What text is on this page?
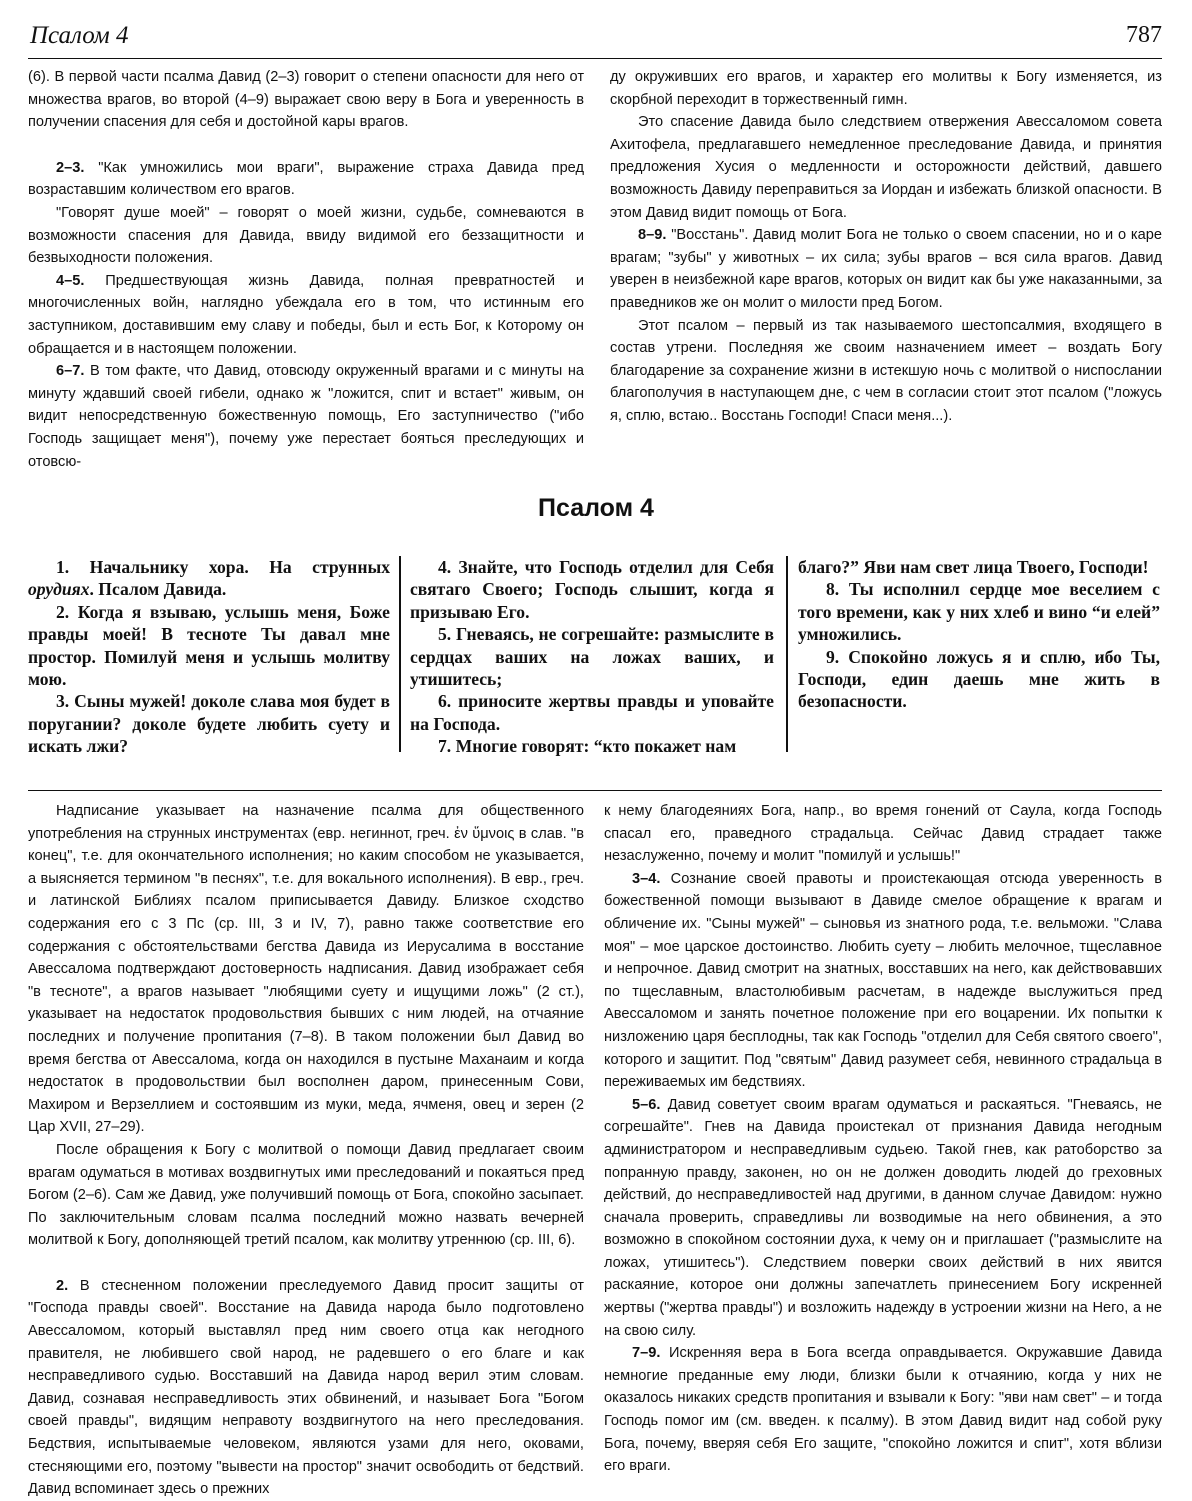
Псалом 4	787

(6). В первой части псалма Давид (2–3) говорит о степени опасности для него от множества врагов, во второй (4–9) выражает свою веру в Бога и уверенность в получении спасения для себя и достойной кары врагов.

2–3. "Как умножились мои враги", выражение страха Давида пред возраставшим количеством его врагов.

"Говорят душе моей" – говорят о моей жизни, судьбе, сомневаются в возможности спасения для Давида, ввиду видимой его беззащитности и безвыходности положения.

4–5. Предшествующая жизнь Давида, полная превратностей и многочисленных войн, наглядно убеждала его в том, что истинным его заступником, доставившим ему славу и победы, был и есть Бог, к Которому он обращается и в настоящем положении.

6–7. В том факте, что Давид, отовсюду окруженный врагами и с минуты на минуту ждавший своей гибели, однако ж "ложится, спит и встает" живым, он видит непосредственную божественную помощь, Его заступничество ("ибо Господь защищает меня"), почему уже перестает бояться преследующих и отовсю-

ду окруживших его врагов, и характер его молитвы к Богу изменяется, из скорбной переходит в торжественный гимн.

Это спасение Давида было следствием отвержения Авессаломом совета Ахитофела, предлагавшего немедленное преследование Давида, и принятия предложения Хусия о медленности и осторожности действий, давшего возможность Давиду переправиться за Иордан и избежать близкой опасности. В этом Давид видит помощь от Бога.

8–9. "Восстань". Давид молит Бога не только о своем спасении, но и о каре врагам; "зубы" у животных – их сила; зубы врагов – вся сила врагов. Давид уверен в неизбежной каре врагов, которых он видит как бы уже наказанными, за праведников же он молит о милости пред Богом.

Этот псалом – первый из так называемого шестопсалмия, входящего в состав утрени. Последняя же своим назначением имеет – воздать Богу благодарение за сохранение жизни в истекшую ночь с молитвой о ниспослании благополучия в наступающем дне, с чем в согласии стоит этот псалом ("ложусь я, сплю, встаю.. Восстань Господи! Спаси меня...).

Псалом 4

1. Начальнику хора. На струнных орудиях. Псалом Давида.

2. Когда я взываю, услышь меня, Боже правды моей! В тесноте Ты давал мне простор. Помилуй меня и услышь молитву мою.

3. Сыны мужей! доколе слава моя будет в поругании? доколе будете любить суету и искать лжи?

4. Знайте, что Господь отделил для Себя святаго Своего; Господь слышит, когда я призываю Его.

5. Гневаясь, не согрешайте: размыслите в сердцах ваших на ложах ваших, и утишитесь;

6. приносите жертвы правды и уповайте на Господа.

7. Многие говорят: “кто покажет нам

благо?” Яви нам свет лица Твоего, Господи!

8. Ты исполнил сердце мое веселием с того времени, как у них хлеб и вино “и елей” умножились.

9. Спокойно ложусь я и сплю, ибо Ты, Господи, един даешь мне жить в безопасности.

Надписание указывает на назначение псалма для общественного употребления на струнных инструментах (евр. негиннот, греч. ἐν ὕμνοις в слав. "в конец", т.е. для окончательного исполнения; но каким способом не указывается, а выясняется термином "в песнях", т.е. для вокального исполнения). В евр., греч. и латинской Библиях псалом приписывается Давиду. Близкое сходство содержания его с 3 Пс (ср. III, 3 и IV, 7), равно также соответствие его содержания с обстоятельствами бегства Давида из Иерусалима в восстание Авессалома подтверждают достоверность надписания. Давид изображает себя "в тесноте", а врагов называет "любящими суету и ищущими ложь" (2 ст.), указывает на недостаток продовольствия бывших с ним людей, на отчаяние последних и получение пропитания (7–8). В таком положении был Давид во время бегства от Авессалома, когда он находился в пустыне Маханаим и когда недостаток в продовольствии был восполнен даром, принесенным Сови, Махиром и Верзеллием и состоявшим из муки, меда, ячменя, овец и зерен (2 Цар XVII, 27–29).

После обращения к Богу с молитвой о помощи Давид предлагает своим врагам одуматься в мотивах воздвигнутых ими преследований и покаяться пред Богом (2–6). Сам же Давид, уже получивший помощь от Бога, спокойно засыпает. По заключительным словам псалма последний можно назвать вечерней молитвой к Богу, дополняющей третий псалом, как молитву утреннюю (ср. III, 6).

2. В стесненном положении преследуемого Давид просит защиты от "Господа правды своей". Восстание на Давида народа было подготовлено Авессаломом, который выставлял пред ним своего отца как негодного правителя, не любившего свой народ, не радевшего о его благе и как несправедливого судью. Восставший на Давида народ верил этим словам. Давид, сознавая несправедливость этих обвинений, и называет Бога "Богом своей правды", видящим неправоту воздвигнутого на него преследования. Бедствия, испытываемые человеком, являются узами для него, оковами, стесняющими его, поэтому "вывести на простор" значит освободить от бедствий. Давид вспоминает здесь о прежних

к нему благодеяниях Бога, напр., во время гонений от Саула, когда Господь спасал его, праведного страдальца. Сейчас Давид страдает также незаслуженно, почему и молит "помилуй и услышь!"

3–4. Сознание своей правоты и проистекающая отсюда уверенность в божественной помощи вызывают в Давиде смелое обращение к врагам и обличение их. "Сыны мужей" – сыновья из знатного рода, т.е. вельможи. "Слава моя" – мое царское достоинство. Любить суету – любить мелочное, тщеславное и непрочное. Давид смотрит на знатных, восставших на него, как действовавших по тщеславным, властолюбивым расчетам, в надежде выслужиться пред Авессаломом и занять почетное положение при его воцарении. Их попытки к низложению царя бесплодны, так как Господь "отделил для Себя святого своего", которого и защитит. Под "святым" Давид разумеет себя, невинного страдальца в переживаемых им бедствиях.

5–6. Давид советует своим врагам одуматься и раскаяться. "Гневаясь, не согрешайте". Гнев на Давида проистекал от признания Давида негодным администратором и несправедливым судьею. Такой гнев, как ратоборство за попранную правду, законен, но он не должен доводить людей до греховных действий, до несправедливостей над другими, в данном случае Давидом: нужно сначала проверить, справедливы ли возводимые на него обвинения, а это возможно в спокойном состоянии духа, к чему он и приглашает ("размыслите на ложах, утишитесь"). Следствием поверки своих действий в них явится раскаяние, которое они должны запечатлеть принесением Богу искренней жертвы ("жертва правды") и возложить надежду в устроении жизни на Него, а не на свою силу.

7–9. Искренняя вера в Бога всегда оправдывается. Окружавшие Давида немногие преданные ему люди, близки были к отчаянию, когда у них не оказалось никаких средств пропитания и взывали к Богу: "яви нам свет" – и тогда Господь помог им (см. введен. к псалму). В этом Давид видит над собой руку Бога, почему, вверяя себя Его защите, "спокойно ложится и спит", хотя вблизи его враги.
